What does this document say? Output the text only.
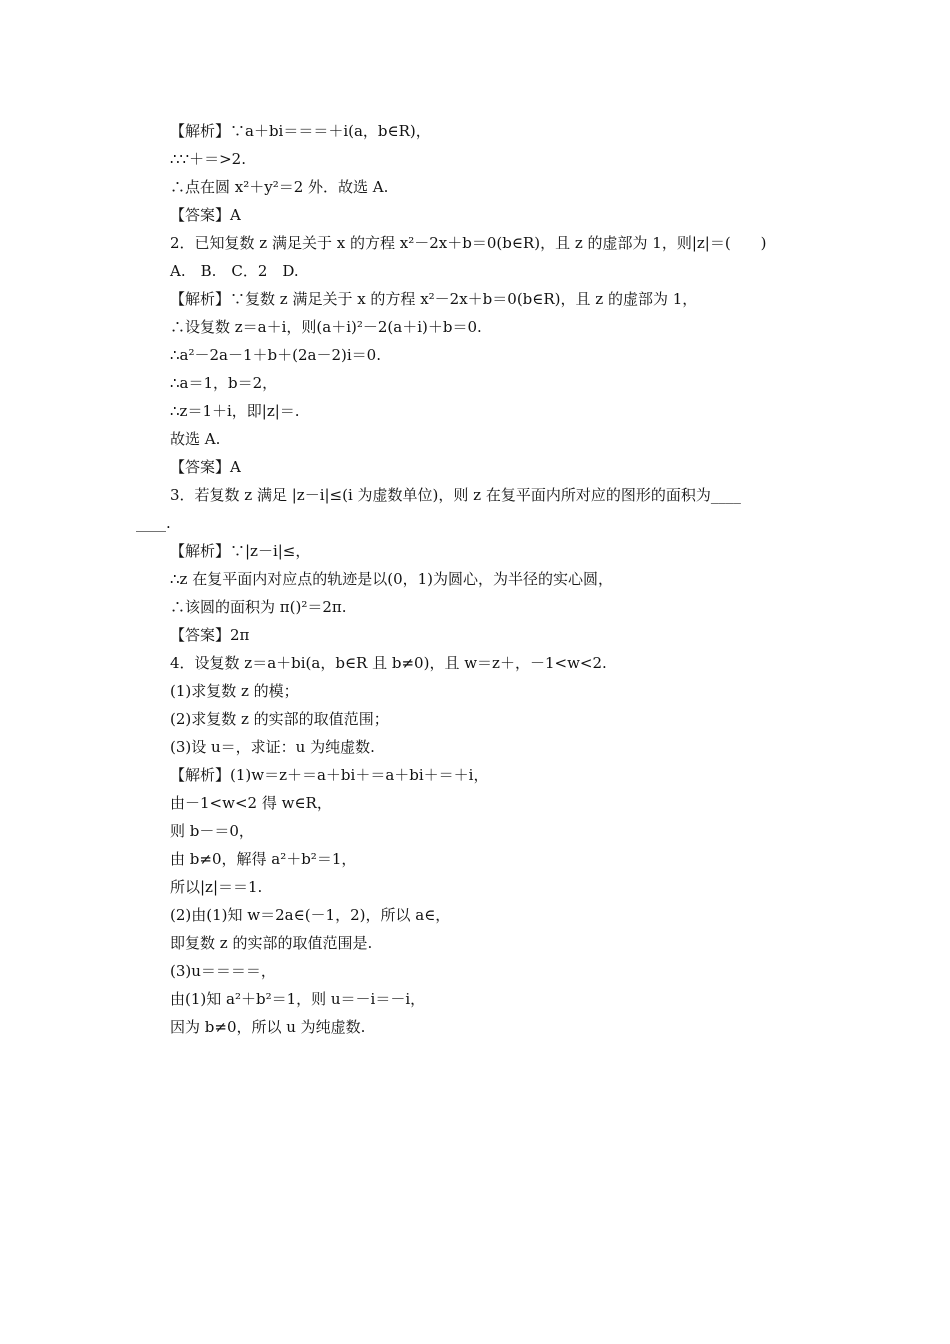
【解析】∵a＋bi＝＝＝＋i(a，b∈R)，
∴∵＋＝>2.
∴点在圆 x²＋y²＝2 外．故选 A.
【答案】A
2．已知复数 z 满足关于 x 的方程 x²－2x＋b＝0(b∈R)，且 z 的虚部为 1，则|z|＝(　　)
A.　B.　C．2　D.
【解析】∵复数 z 满足关于 x 的方程 x²－2x＋b＝0(b∈R)，且 z 的虚部为 1，
∴设复数 z＝a＋i，则(a＋i)²－2(a＋i)＋b＝0.
∴a²－2a－1＋b＋(2a－2)i＝0.
∴a＝1，b＝2，
∴z＝1＋i，即|z|＝.
故选 A.
【答案】A
3．若复数 z 满足 |z－i|≤(i 为虚数单位)，则 z 在复平面内所对应的图形的面积为____
____.
【解析】∵|z－i|≤，
∴z 在复平面内对应点的轨迹是以(0，1)为圆心，为半径的实心圆，
∴该圆的面积为 π()²＝2π.
【答案】2π
4．设复数 z＝a＋bi(a，b∈R 且 b≠0)，且 w＝z＋，－1<w<2.
(1)求复数 z 的模；
(2)求复数 z 的实部的取值范围；
(3)设 u＝，求证：u 为纯虚数.
【解析】(1)w＝z＋＝a＋bi＋＝a＋bi＋＝＋i，
由－1<w<2 得 w∈R，
则 b－＝0，
由 b≠0，解得 a²＋b²＝1，
所以|z|＝＝1.
(2)由(1)知 w＝2a∈(－1，2)，所以 a∈，
即复数 z 的实部的取值范围是.
(3)u＝＝＝＝，
由(1)知 a²＋b²＝1，则 u＝－i＝－i，
因为 b≠0，所以 u 为纯虚数.
